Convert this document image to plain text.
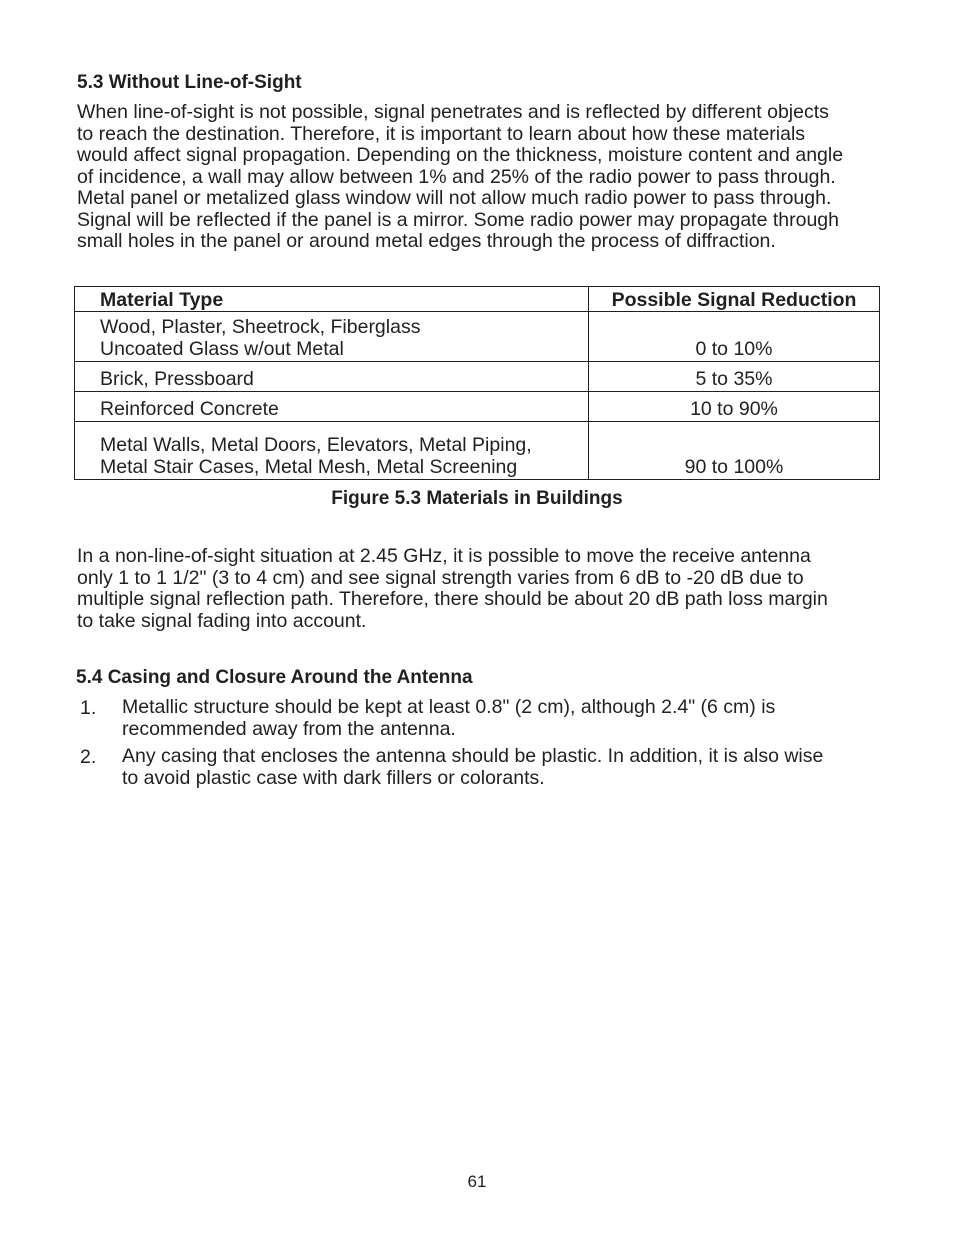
5.3 Without Line-of-Sight

When line-of-sight is not possible, signal penetrates and is reflected by different objects
to reach the destination. Therefore, it is important to learn about how these materials
would affect signal propagation. Depending on the thickness, moisture content and angle
of incidence, a wall may allow between 1% and 25% of the radio power to pass through.
Metal panel or metalized glass window will not allow much radio power to pass through.
Signal will be reflected if the panel is a mirror. Some radio power may propagate through
small holes in the panel or around metal edges through the process of diffraction.

Material Type	Possible Signal Reduction

Wood, Plaster, Sheetrock, Fiberglass
Uncoated Glass w/out Metal	0 to 10%

Brick, Pressboard	5 to 35%

Reinforced Concrete	10 to 90%

Metal Walls, Metal Doors, Elevators, Metal Piping,
Metal Stair Cases, Metal Mesh, Metal Screening	90 to 100%
Figure 5.3 Materials in Buildings

In a non-line-of-sight situation at 2.45 GHz, it is possible to move the receive antenna
only 1 to 1 1/2" (3 to 4 cm) and see signal strength varies from 6 dB to -20 dB due to
multiple signal reflection path. Therefore, there should be about 20 dB path loss margin
to take signal fading into account.

5.4 Casing and Closure Around the Antenna
1. Metallic structure should be kept at least 0.8" (2 cm), although 2.4" (6 cm) is
recommended away from the antenna.

2. Any casing that encloses the antenna should be plastic. In addition, it is also wise
to avoid plastic case with dark fillers or colorants.

61
